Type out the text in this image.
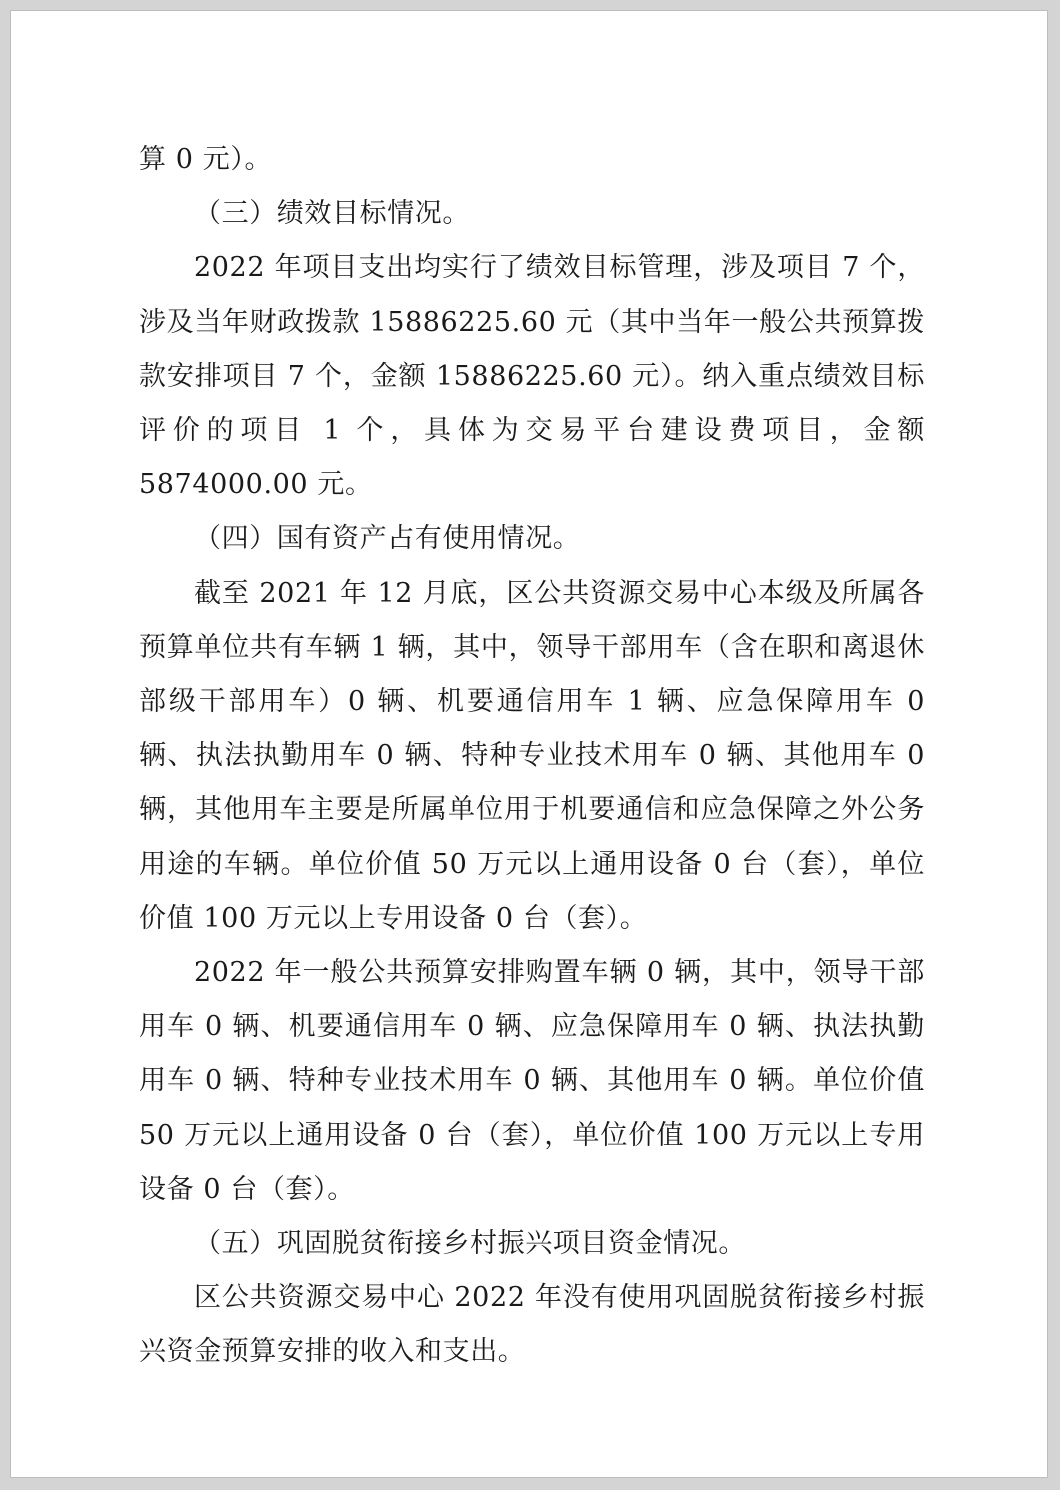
算 0 元）。

（三）绩效目标情况。

2022 年项目支出均实行了绩效目标管理，涉及项目 7 个，涉及当年财政拨款 15886225.60 元（其中当年一般公共预算拨款安排项目 7 个，金额 15886225.60 元）。纳入重点绩效目标评价的项目 1 个，具体为交易平台建设费项目，金额 5874000.00 元。

（四）国有资产占有使用情况。

截至 2021 年 12 月底，区公共资源交易中心本级及所属各预算单位共有车辆 1 辆，其中，领导干部用车（含在职和离退休部级干部用车）0 辆、机要通信用车 1 辆、应急保障用车 0 辆、执法执勤用车 0 辆、特种专业技术用车 0 辆、其他用车 0 辆，其他用车主要是所属单位用于机要通信和应急保障之外公务用途的车辆。单位价值 50 万元以上通用设备 0 台（套），单位价值 100 万元以上专用设备 0 台（套）。

2022 年一般公共预算安排购置车辆 0 辆，其中，领导干部用车 0 辆、机要通信用车 0 辆、应急保障用车 0 辆、执法执勤用车 0 辆、特种专业技术用车 0 辆、其他用车 0 辆。单位价值 50 万元以上通用设备 0 台（套），单位价值 100 万元以上专用设备 0 台（套）。

（五）巩固脱贫衔接乡村振兴项目资金情况。

区公共资源交易中心 2022 年没有使用巩固脱贫衔接乡村振兴资金预算安排的收入和支出。
